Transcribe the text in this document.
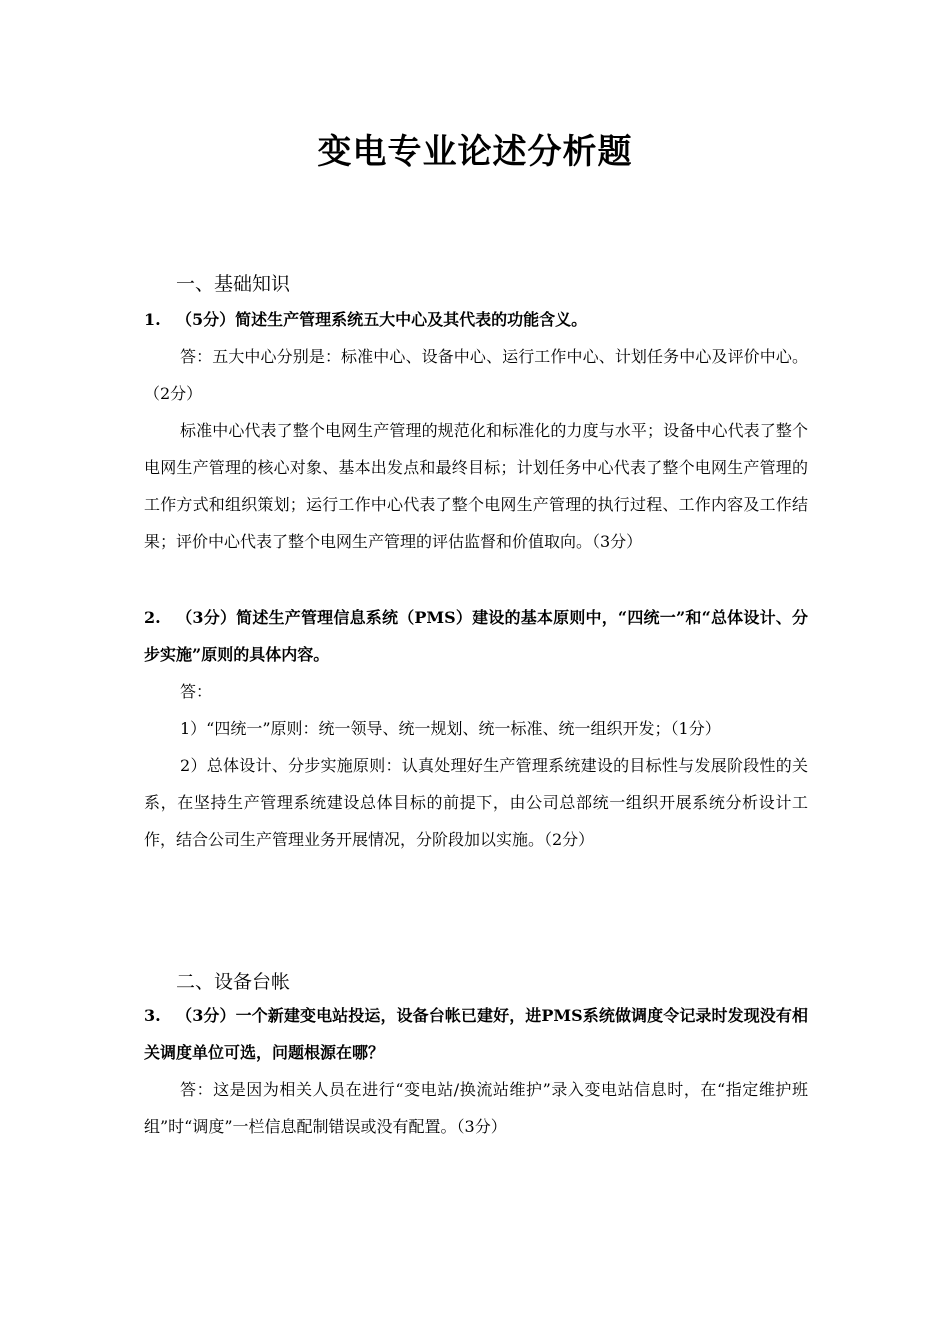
变电专业论述分析题
一、基础知识

1. （5分）简述生产管理系统五大中心及其代表的功能含义。

答：五大中心分别是：标准中心、设备中心、运行工作中心、计划任务中心及评价中心。（2分）

标准中心代表了整个电网生产管理的规范化和标准化的力度与水平；设备中心代表了整个电网生产管理的核心对象、基本出发点和最终目标；计划任务中心代表了整个电网生产管理的工作方式和组织策划；运行工作中心代表了整个电网生产管理的执行过程、工作内容及工作结果；评价中心代表了整个电网生产管理的评估监督和价值取向。（3分）

2. （3分）简述生产管理信息系统（PMS）建设的基本原则中，“四统一”和“总体设计、分步实施”原则的具体内容。

答：

1）“四统一”原则：统一领导、统一规划、统一标准、统一组织开发；（1分）

2）总体设计、分步实施原则：认真处理好生产管理系统建设的目标性与发展阶段性的关系，在坚持生产管理系统建设总体目标的前提下，由公司总部统一组织开展系统分析设计工作，结合公司生产管理业务开展情况，分阶段加以实施。（2分）

二、设备台帐

3. （3分）一个新建变电站投运，设备台帐已建好，进PMS系统做调度令记录时发现没有相关调度单位可选，问题根源在哪？

答：这是因为相关人员在进行“变电站/换流站维护”录入变电站信息时，在“指定维护班组”时“调度”一栏信息配制错误或没有配置。（3分）
